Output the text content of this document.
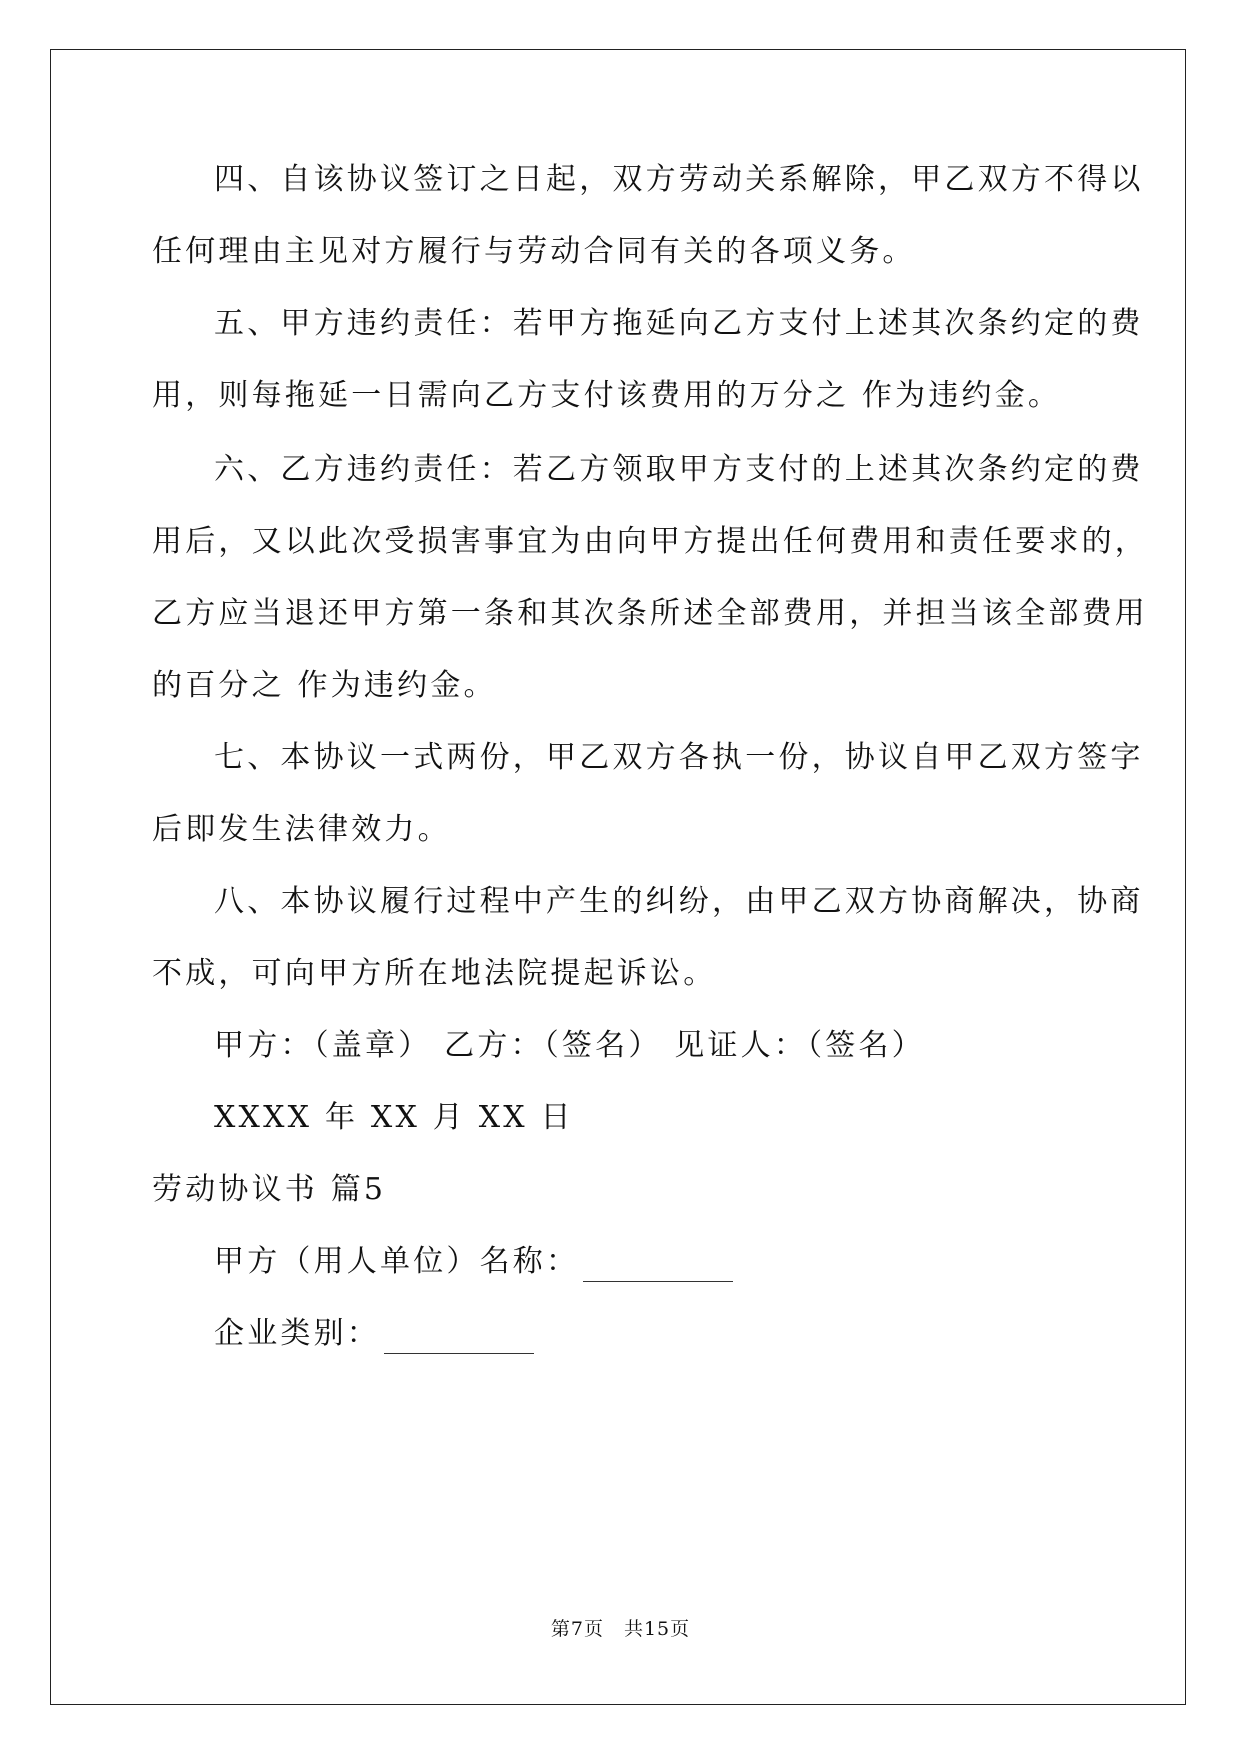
四、自该协议签订之日起，双方劳动关系解除，甲乙双方不得以
任何理由主见对方履行与劳动合同有关的各项义务。
五、甲方违约责任：若甲方拖延向乙方支付上述其次条约定的费
用，则每拖延一日需向乙方支付该费用的万分之 作为违约金。
六、乙方违约责任：若乙方领取甲方支付的上述其次条约定的费
用后，又以此次受损害事宜为由向甲方提出任何费用和责任要求的，
乙方应当退还甲方第一条和其次条所述全部费用，并担当该全部费用
的百分之 作为违约金。
七、本协议一式两份，甲乙双方各执一份，协议自甲乙双方签字
后即发生法律效力。
八、本协议履行过程中产生的纠纷，由甲乙双方协商解决，协商
不成，可向甲方所在地法院提起诉讼。
甲方：（盖章） 乙方：（签名） 见证人：（签名）
XXXX 年 XX 月 XX 日
劳动协议书 篇5
甲方（用人单位）名称：
企业类别：
第7页　共15页
